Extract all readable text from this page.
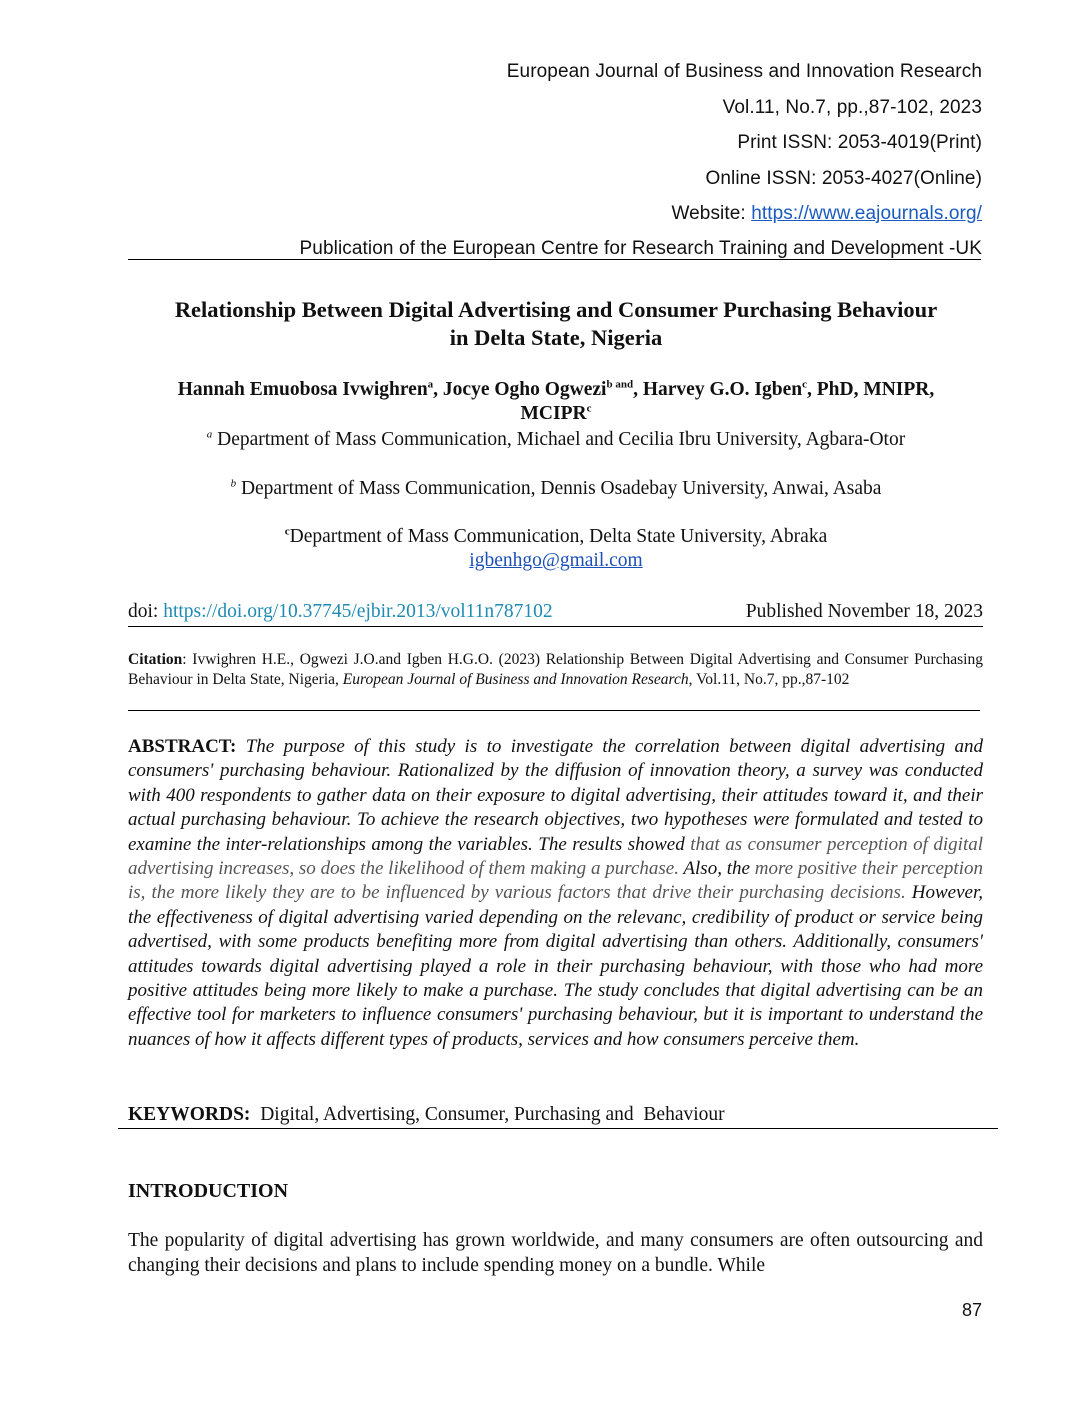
European Journal of Business and Innovation Research
Vol.11, No.7, pp.,87-102, 2023
Print ISSN: 2053-4019(Print)
Online ISSN: 2053-4027(Online)
Website: https://www.eajournals.org/
Publication of the European Centre for Research Training and Development -UK
Relationship Between Digital Advertising and Consumer Purchasing Behaviour
in Delta State, Nigeria
Hannah Emuobosa Ivwighren$^a$, Jocye Ogho Ogwezi$^{b and}$, Harvey G.O. Igben$^c$, PhD, MNIPR,
MCIPR$^c$
$^a$ Department of Mass Communication, Michael and Cecilia Ibru University, Agbara-Otor
$^b$ Department of Mass Communication, Dennis Osadebay University, Anwai, Asaba
$^c$Department of Mass Communication, Delta State University, Abraka
igbenhgo@gmail.com
doi: https://doi.org/10.37745/ejbir.2013/vol11n787102	Published November 18, 2023
Citation: Ivwighren H.E., Ogwezi J.O.and Igben H.G.O. (2023) Relationship Between Digital Advertising and Consumer Purchasing Behaviour in Delta State, Nigeria, European Journal of Business and Innovation Research, Vol.11, No.7, pp.,87-102
ABSTRACT: The purpose of this study is to investigate the correlation between digital advertising and consumers' purchasing behaviour. Rationalized by the diffusion of innovation theory, a survey was conducted with 400 respondents to gather data on their exposure to digital advertising, their attitudes toward it, and their actual purchasing behaviour. To achieve the research objectives, two hypotheses were formulated and tested to examine the inter-relationships among the variables. The results showed that as consumer perception of digital advertising increases, so does the likelihood of them making a purchase. Also, the more positive their perception is, the more likely they are to be influenced by various factors that drive their purchasing decisions. However, the effectiveness of digital advertising varied depending on the relevanc, credibility of product or service being advertised, with some products benefiting more from digital advertising than others. Additionally, consumers' attitudes towards digital advertising played a role in their purchasing behaviour, with those who had more positive attitudes being more likely to make a purchase. The study concludes that digital advertising can be an effective tool for marketers to influence consumers' purchasing behaviour, but it is important to understand the nuances of how it affects different types of products, services and how consumers perceive them.
KEYWORDS:  Digital, Advertising, Consumer, Purchasing and  Behaviour
INTRODUCTION
The popularity of digital advertising has grown worldwide, and many consumers are often outsourcing and changing their decisions and plans to include spending money on a bundle. While
87
